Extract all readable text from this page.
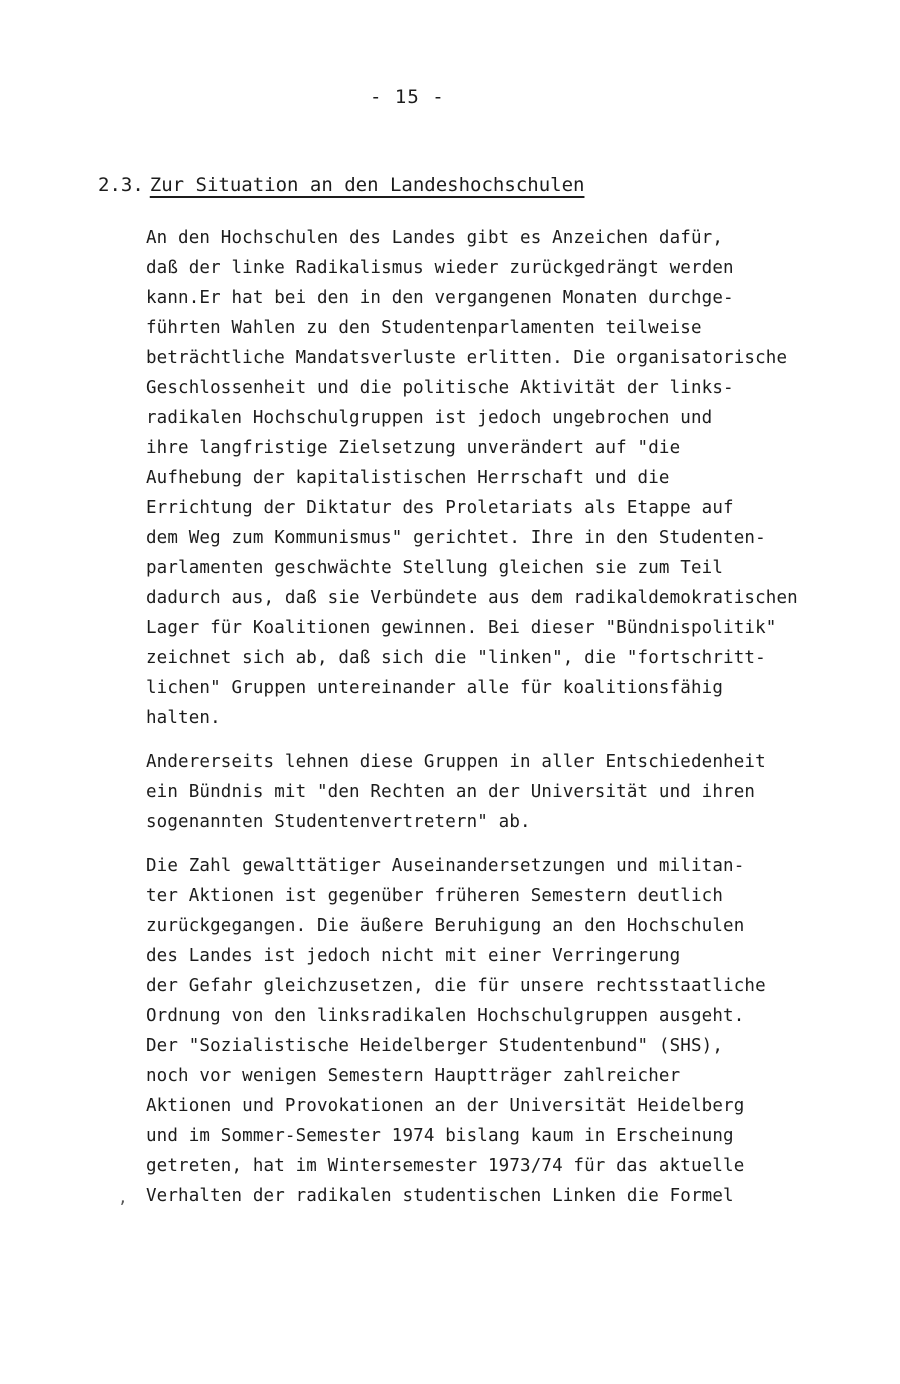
- 15 -
2.3. Zur Situation an den Landeshochschulen
An den Hochschulen des Landes gibt es Anzeichen dafür,
daß der linke Radikalismus wieder zurückgedrängt werden
kann.Er hat bei den in den vergangenen Monaten durchge-
führten Wahlen zu den Studentenparlamenten teilweise
beträchtliche Mandatsverluste erlitten. Die organisatorische
Geschlossenheit und die politische Aktivität der links-
radikalen Hochschulgruppen ist jedoch ungebrochen und
ihre langfristige Zielsetzung unverändert auf "die
Aufhebung der kapitalistischen Herrschaft und die
Errichtung der Diktatur des Proletariats als Etappe auf
dem Weg zum Kommunismus" gerichtet. Ihre in den Studenten-
parlamenten geschwächte Stellung gleichen sie zum Teil
dadurch aus, daß sie Verbündete aus dem radikaldemokratischen
Lager für Koalitionen gewinnen. Bei dieser "Bündnispolitik"
zeichnet sich ab, daß sich die "linken", die "fortschritt-
lichen" Gruppen untereinander alle für koalitionsfähig
halten.
Andererseits lehnen diese Gruppen in aller Entschiedenheit
ein Bündnis mit "den Rechten an der Universität und ihren
sogenannten Studentenvertretern" ab.
Die Zahl gewalttätiger Auseinandersetzungen und militan-
ter Aktionen ist gegenüber früheren Semestern deutlich
zurückgegangen. Die äußere Beruhigung an den Hochschulen
des Landes ist jedoch nicht mit einer Verringerung
der Gefahr gleichzusetzen, die für unsere rechtsstaatliche
Ordnung von den linksradikalen Hochschulgruppen ausgeht.
Der "Sozialistische Heidelberger Studentenbund" (SHS),
noch vor wenigen Semestern Hauptträger zahlreicher
Aktionen und Provokationen an der Universität Heidelberg
und im Sommer-Semester 1974 bislang kaum in Erscheinung
getreten, hat im Wintersemester 1973/74 für das aktuelle
Verhalten der radikalen studentischen Linken die Formel
,
